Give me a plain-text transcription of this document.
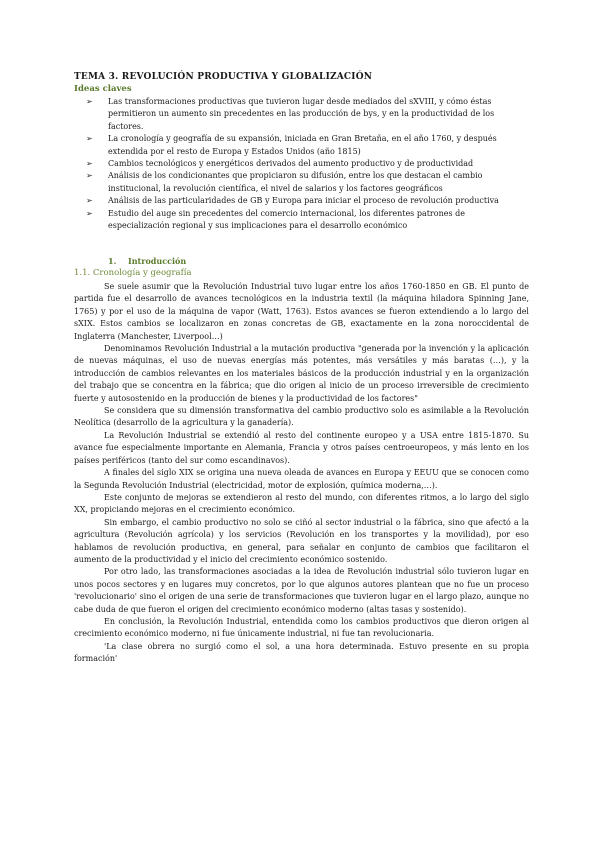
TEMA 3. REVOLUCIÓN PRODUCTIVA Y GLOBALIZACIÓN
Ideas claves
➢ Las transformaciones productivas que tuvieron lugar desde mediados del sXVIII, y cómo éstas permitieron un aumento sin precedentes en las producción de bys, y en la productividad de los factores.
➢ La cronología y geografía de su expansión, iniciada en Gran Bretaña, en el año 1760, y después extendida por el resto de Europa y Estados Unidos (año 1815)
➢ Cambios tecnológicos y energéticos derivados del aumento productivo y de productividad
➢ Análisis de los condicionantes que propiciaron su difusión, entre los que destacan el cambio institucional, la revolución científica, el nivel de salarios y los factores geográficos
➢ Análisis de las particularidades de GB y Europa para iniciar el proceso de revolución productiva
➢ Estudio del auge sin precedentes del comercio internacional, los diferentes patrones de especialización regional y sus implicaciones para el desarrollo económico
1. Introducción
1.1. Cronología y geografía

Se suele asumir que la Revolución Industrial tuvo lugar entre los años 1760-1850 en GB. El punto de partida fue el desarrollo de avances tecnológicos en la industria textil (la máquina hiladora Spinning Jane, 1765) y por el uso de la máquina de vapor (Watt, 1763). Estos avances se fueron extendiendo a lo largo del sXIX. Estos cambios se localizaron en zonas concretas de GB, exactamente en la zona noroccidental de Inglaterra (Manchester, Liverpool…)

Denominamos Revolución Industrial a la mutación productiva "generada por la invención y la aplicación de nuevas máquinas, el uso de nuevas energías más potentes, más versátiles y más baratas (…), y la introducción de cambios relevantes en los materiales básicos de la producción industrial y en la organización del trabajo que se concentra en la fábrica; que dio origen al inicio de un proceso irreversible de crecimiento fuerte y autosostenido en la producción de bienes y la productividad de los factores"

Se considera que su dimensión transformativa del cambio productivo solo es asimilable a la Revolución Neolítica (desarrollo de la agricultura y la ganadería).

La Revolución Industrial se extendió al resto del continente europeo y a USA entre 1815-1870. Su avance fue especialmente importante en Alemania, Francia y otros países centroeuropeos, y más lento en los países periféricos (tanto del sur como escandinavos).

A finales del siglo XIX se origina una nueva oleada de avances en Europa y EEUU que se conocen como la Segunda Revolución Industrial (electricidad, motor de explosión, química moderna,…).

Este conjunto de mejoras se extendieron al resto del mundo, con diferentes ritmos, a lo largo del siglo XX, propiciando mejoras en el crecimiento económico.

Sin embargo, el cambio productivo no solo se ciñó al sector industrial o la fábrica, sino que afectó a la agricultura (Revolución agrícola) y los servicios (Revolución en los transportes y la movilidad), por eso hablamos de revolución productiva, en general, para señalar en conjunto de cambios que facilitaron el aumento de la productividad y el inicio del crecimiento económico sostenido.

Por otro lado, las transformaciones asociadas a la idea de Revolución industrial sólo tuvieron lugar en unos pocos sectores y en lugares muy concretos, por lo que algunos autores plantean que no fue un proceso 'revolucionario' sino el origen de una serie de transformaciones que tuvieron lugar en el largo plazo, aunque no cabe duda de que fueron el origen del crecimiento económico moderno (altas tasas y sostenido).

En conclusión, la Revolución Industrial, entendida como los cambios productivos que dieron origen al crecimiento económico moderno, ni fue únicamente industrial, ni fue tan revolucionaria.

'La clase obrera no surgió como el sol, a una hora determinada. Estuvo presente en su propia formación'
